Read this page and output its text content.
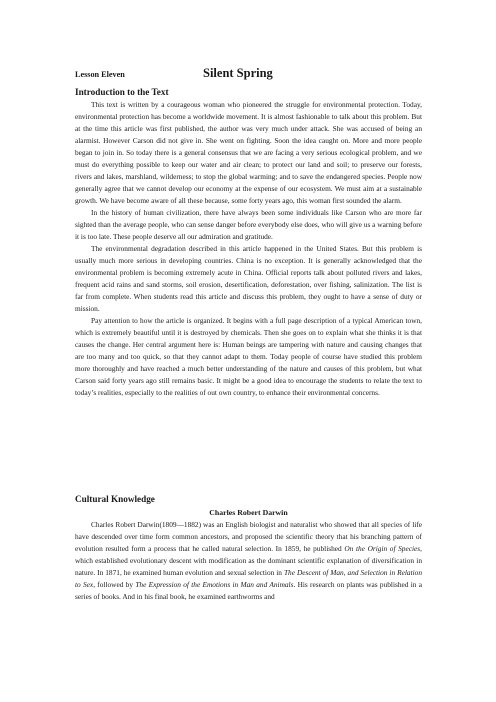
Lesson Eleven	Silent Spring
Introduction to the Text

This text is written by a courageous woman who pioneered the struggle for environmental protection. Today, environmental protection has become a worldwide movement. It is almost fashionable to talk about this problem. But at the time this article was first published, the author was very much under attack. She was accused of being an alarmist. However Carson did not give in. She went on fighting. Soon the idea caught on. More and more people began to join in. So today there is a general consensus that we are facing a very serious ecological problem, and we must do everything possible to keep our water and air clean; to protect our land and soil; to preserve our forests, rivers and lakes, marshland, wilderness; to stop the global warming; and to save the endangered species. People now generally agree that we cannot develop our economy at the expense of our ecosystem. We must aim at a sustainable growth. We have become aware of all these because, some forty years ago, this woman first sounded the alarm.

In the history of human civilization, there have always been some individuals like Carson who are more far sighted than the average people, who can sense danger before everybody else does, who will give us a warning before it is too late. These people deserve all our admiration and gratitude.

The environmental degradation described in this article happened in the United States. But this problem is usually much more serious in developing countries. China is no exception. It is generally acknowledged that the environmental problem is becoming extremely acute in China. Official reports talk about polluted rivers and lakes, frequent acid rains and sand storms, soil erosion, desertification, deforestation, over fishing, salinization. The list is far from complete. When students read this article and discuss this problem, they ought to have a sense of duty or mission.

Pay attention to how the article is organized. It begins with a full page description of a typical American town, which is extremely beautiful until it is destroyed by chemicals. Then she goes on to explain what she thinks it is that causes the change. Her central argument here is: Human beings are tampering with nature and causing changes that are too many and too quick, so that they cannot adapt to them. Today people of course have studied this problem more thoroughly and have reached a much better understanding of the nature and causes of this problem, but what Carson said forty years ago still remains basic. It might be a good idea to encourage the students to relate the text to today’s realities, especially to the realities of out own country, to enhance their environmental concerns.

Cultural Knowledge

Charles Robert Darwin

Charles Robert Darwin(1809—1882) was an English biologist and naturalist who showed that all species of life have descended over time form common ancestors, and proposed the scientific theory that his branching pattern of evolution resulted form a process that he called natural selection. In 1859, he published On the Origin of Species, which established evolutionary descent with modification as the dominant scientific explanation of diversification in nature. In 1871, he examined human evolution and sexual selection in The Descent of Man, and Selection in Relation to Sex, followed by The Expression of the Emotions in Man and Animals. His research on plants was published in a series of books. And in his final book, he examined earthworms and
